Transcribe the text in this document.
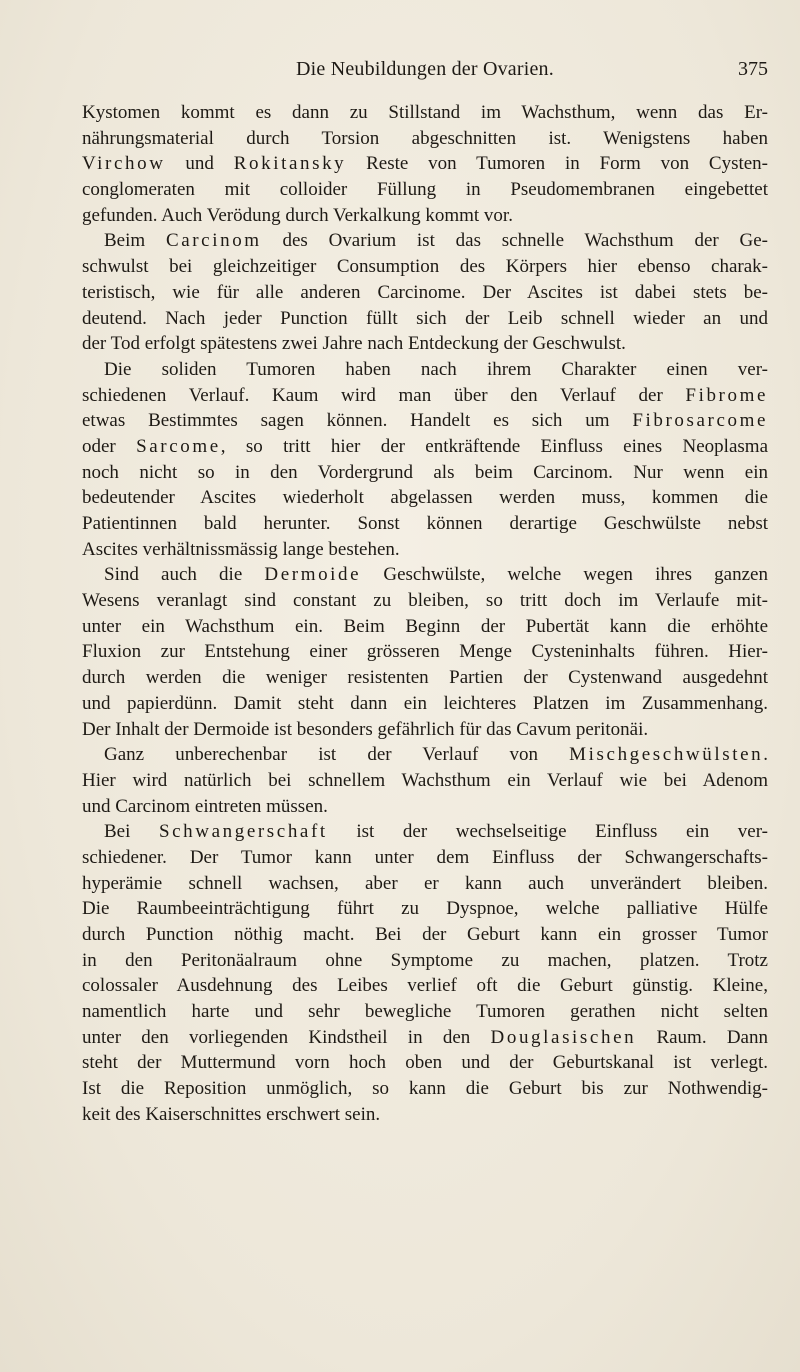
Die Neubildungen der Ovarien.	375
Kystomen kommt es dann zu Stillstand im Wachsthum, wenn das Er-
nährungsmaterial durch Torsion abgeschnitten ist. Wenigstens haben
Virchow und Rokitansky Reste von Tumoren in Form von Cysten-
conglomeraten mit colloider Füllung in Pseudomembranen eingebettet
gefunden. Auch Verödung durch Verkalkung kommt vor.
Beim Carcinom des Ovarium ist das schnelle Wachsthum der Ge-
schwulst bei gleichzeitiger Consumption des Körpers hier ebenso charak-
teristisch, wie für alle anderen Carcinome. Der Ascites ist dabei stets be-
deutend. Nach jeder Punction füllt sich der Leib schnell wieder an und
der Tod erfolgt spätestens zwei Jahre nach Entdeckung der Geschwulst.
Die soliden Tumoren haben nach ihrem Charakter einen ver-
schiedenen Verlauf. Kaum wird man über den Verlauf der Fibrome
etwas Bestimmtes sagen können. Handelt es sich um Fibrosarcome
oder Sarcome, so tritt hier der entkräftende Einfluss eines Neoplasma
noch nicht so in den Vordergrund als beim Carcinom. Nur wenn ein
bedeutender Ascites wiederholt abgelassen werden muss, kommen die
Patientinnen bald herunter. Sonst können derartige Geschwülste nebst
Ascites verhältnissmässig lange bestehen.
Sind auch die Dermoide Geschwülste, welche wegen ihres ganzen
Wesens veranlagt sind constant zu bleiben, so tritt doch im Verlaufe mit-
unter ein Wachsthum ein. Beim Beginn der Pubertät kann die erhöhte
Fluxion zur Entstehung einer grösseren Menge Cysteninhalts führen. Hier-
durch werden die weniger resistenten Partien der Cystenwand ausgedehnt
und papierdünn. Damit steht dann ein leichteres Platzen im Zusammenhang.
Der Inhalt der Dermoide ist besonders gefährlich für das Cavum peritonäi.
Ganz unberechenbar ist der Verlauf von Mischgeschwülsten.
Hier wird natürlich bei schnellem Wachsthum ein Verlauf wie bei Adenom
und Carcinom eintreten müssen.
Bei Schwangerschaft ist der wechselseitige Einfluss ein ver-
schiedener. Der Tumor kann unter dem Einfluss der Schwangerschafts-
hyperämie schnell wachsen, aber er kann auch unverändert bleiben.
Die Raumbeeinträchtigung führt zu Dyspnoe, welche palliative Hülfe
durch Punction nöthig macht. Bei der Geburt kann ein grosser Tumor
in den Peritonäalraum ohne Symptome zu machen, platzen. Trotz
colossaler Ausdehnung des Leibes verlief oft die Geburt günstig. Kleine,
namentlich harte und sehr bewegliche Tumoren gerathen nicht selten
unter den vorliegenden Kindstheil in den Douglasischen Raum. Dann
steht der Muttermund vorn hoch oben und der Geburtskanal ist verlegt.
Ist die Reposition unmöglich, so kann die Geburt bis zur Nothwendig-
keit des Kaiserschnittes erschwert sein.
